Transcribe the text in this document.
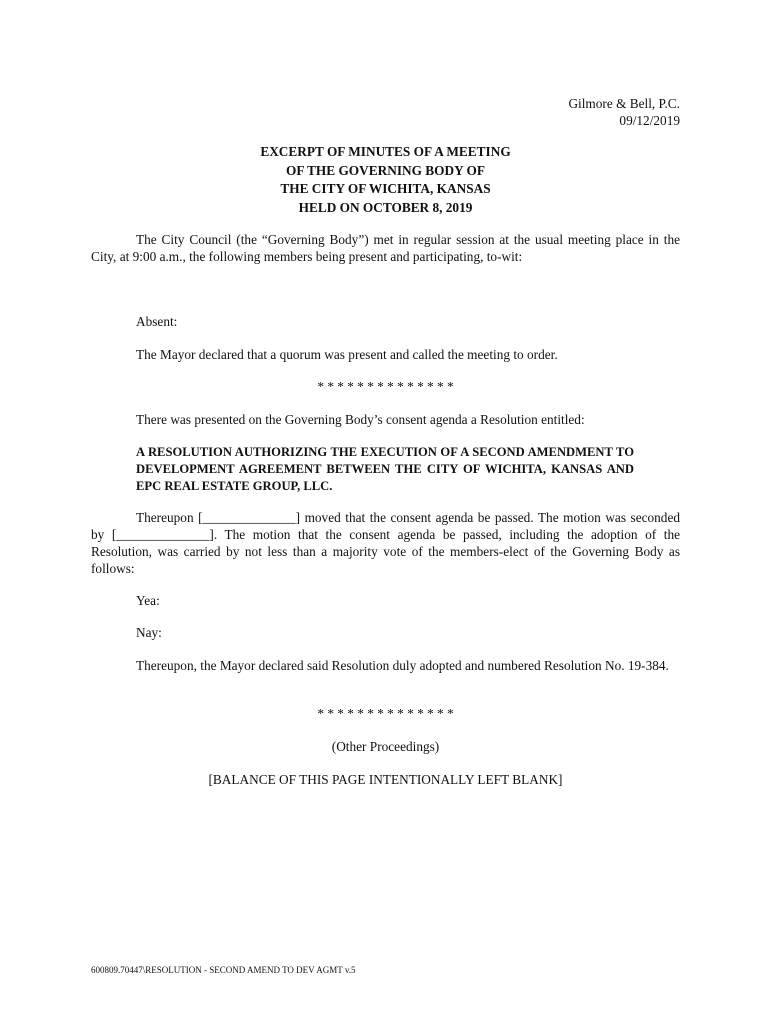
Gilmore & Bell, P.C.
09/12/2019
EXCERPT OF MINUTES OF A MEETING
OF THE GOVERNING BODY OF
THE CITY OF WICHITA, KANSAS
HELD ON OCTOBER 8, 2019
The City Council (the “Governing Body”) met in regular session at the usual meeting place in the City, at 9:00 a.m., the following members being present and participating, to-wit:
Absent:
The Mayor declared that a quorum was present and called the meeting to order.
* * * * * * * * * * * * * *
There was presented on the Governing Body’s consent agenda a Resolution entitled:
A RESOLUTION AUTHORIZING THE EXECUTION OF A SECOND AMENDMENT TO DEVELOPMENT AGREEMENT BETWEEN THE CITY OF WICHITA, KANSAS AND EPC REAL ESTATE GROUP, LLC.
Thereupon [______________] moved that the consent agenda be passed. The motion was seconded by [______________]. The motion that the consent agenda be passed, including the adoption of the Resolution, was carried by not less than a majority vote of the members-elect of the Governing Body as follows:
Yea:
Nay:
Thereupon, the Mayor declared said Resolution duly adopted and numbered Resolution No. 19-384.
* * * * * * * * * * * * * *
(Other Proceedings)
[BALANCE OF THIS PAGE INTENTIONALLY LEFT BLANK]
600809.70447\RESOLUTION - SECOND AMEND TO DEV AGMT v.5
